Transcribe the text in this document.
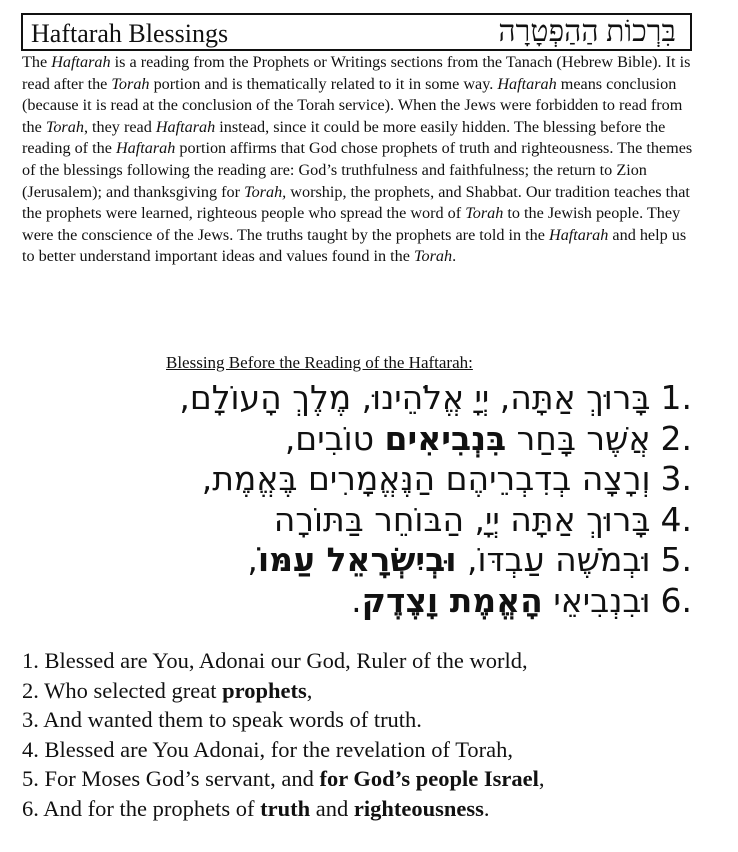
Haftarah Blessings	בִּרְכוֹת הַהַפְטָרָה
The Haftarah is a reading from the Prophets or Writings sections from the Tanach (Hebrew Bible). It is read after the Torah portion and is thematically related to it in some way. Haftarah means conclusion (because it is read at the conclusion of the Torah service). When the Jews were forbidden to read from the Torah, they read Haftarah instead, since it could be more easily hidden. The blessing before the reading of the Haftarah portion affirms that God chose prophets of truth and righteousness. The themes of the blessings following the reading are: God’s truthfulness and faithfulness; the return to Zion (Jerusalem); and thanksgiving for Torah, worship, the prophets, and Shabbat. Our tradition teaches that the prophets were learned, righteous people who spread the word of Torah to the Jewish people. They were the conscience of the Jews. The truths taught by the prophets are told in the Haftarah and help us to better understand important ideas and values found in the Torah.
Blessing Before the Reading of the Haftarah:
1.
בָּרוּךְ אַתָּה, יְיָ אֱלֹהֵינוּ, מֶלֶךְ הָעוֹלָם,
2.
אֲשֶׁר בָּחַר בִּנְבִיאִים טוֹבִים,
3.
וְרָצָה בְדִבְרֵיהֶם הַנֶּאֱמָרִים בֶּאֱמֶת,
4.
בָּרוּךְ אַתָּה יְיָ, הַבּוֹחֵר בַּתּוֹרָה
5.
וּבְמֹשֶׁה עַבְדּוֹ, וּבְיִשְׂרָאֵל עַמּוֹ,
6.
וּבִנְבִיאֵי הָאֱמֶת וָצֶדֶק.
1. Blessed are You, Adonai our God, Ruler of the world,
2. Who selected great prophets,
3. And wanted them to speak words of truth.
4. Blessed are You Adonai, for the revelation of Torah,
5. For Moses God’s servant, and for God’s people Israel,
6. And for the prophets of truth and righteousness.
